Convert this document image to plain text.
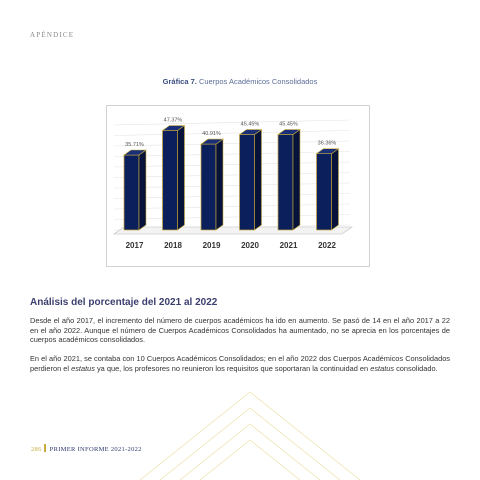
APÉNDICE
Gráfica 7. Cuerpos Académicos Consolidados
35.71%
2017
47.37%
2018
40.91%
2019
45.45%
2020
45.45%
2021
36.36%
2022
Análisis del porcentaje del 2021 al 2022
Desde el año 2017, el incremento del número de cuerpos académicos ha ido en aumento. Se pasó de 14 en el año 2017 a 22 en el año 2022. Aunque el número de Cuerpos Académicos Consolidados ha aumentado, no se aprecia en los porcentajes de cuerpos académicos consolidados.
En el año 2021, se contaba con 10 Cuerpos Académicos Consolidados; en el año 2022 dos Cuerpos Académicos Consolidados perdieron el estatus ya que, los profesores no reunieron los requisitos que soportaran la continuidad en estatus consolidado.
286 PRIMER INFORME 2021-2022
